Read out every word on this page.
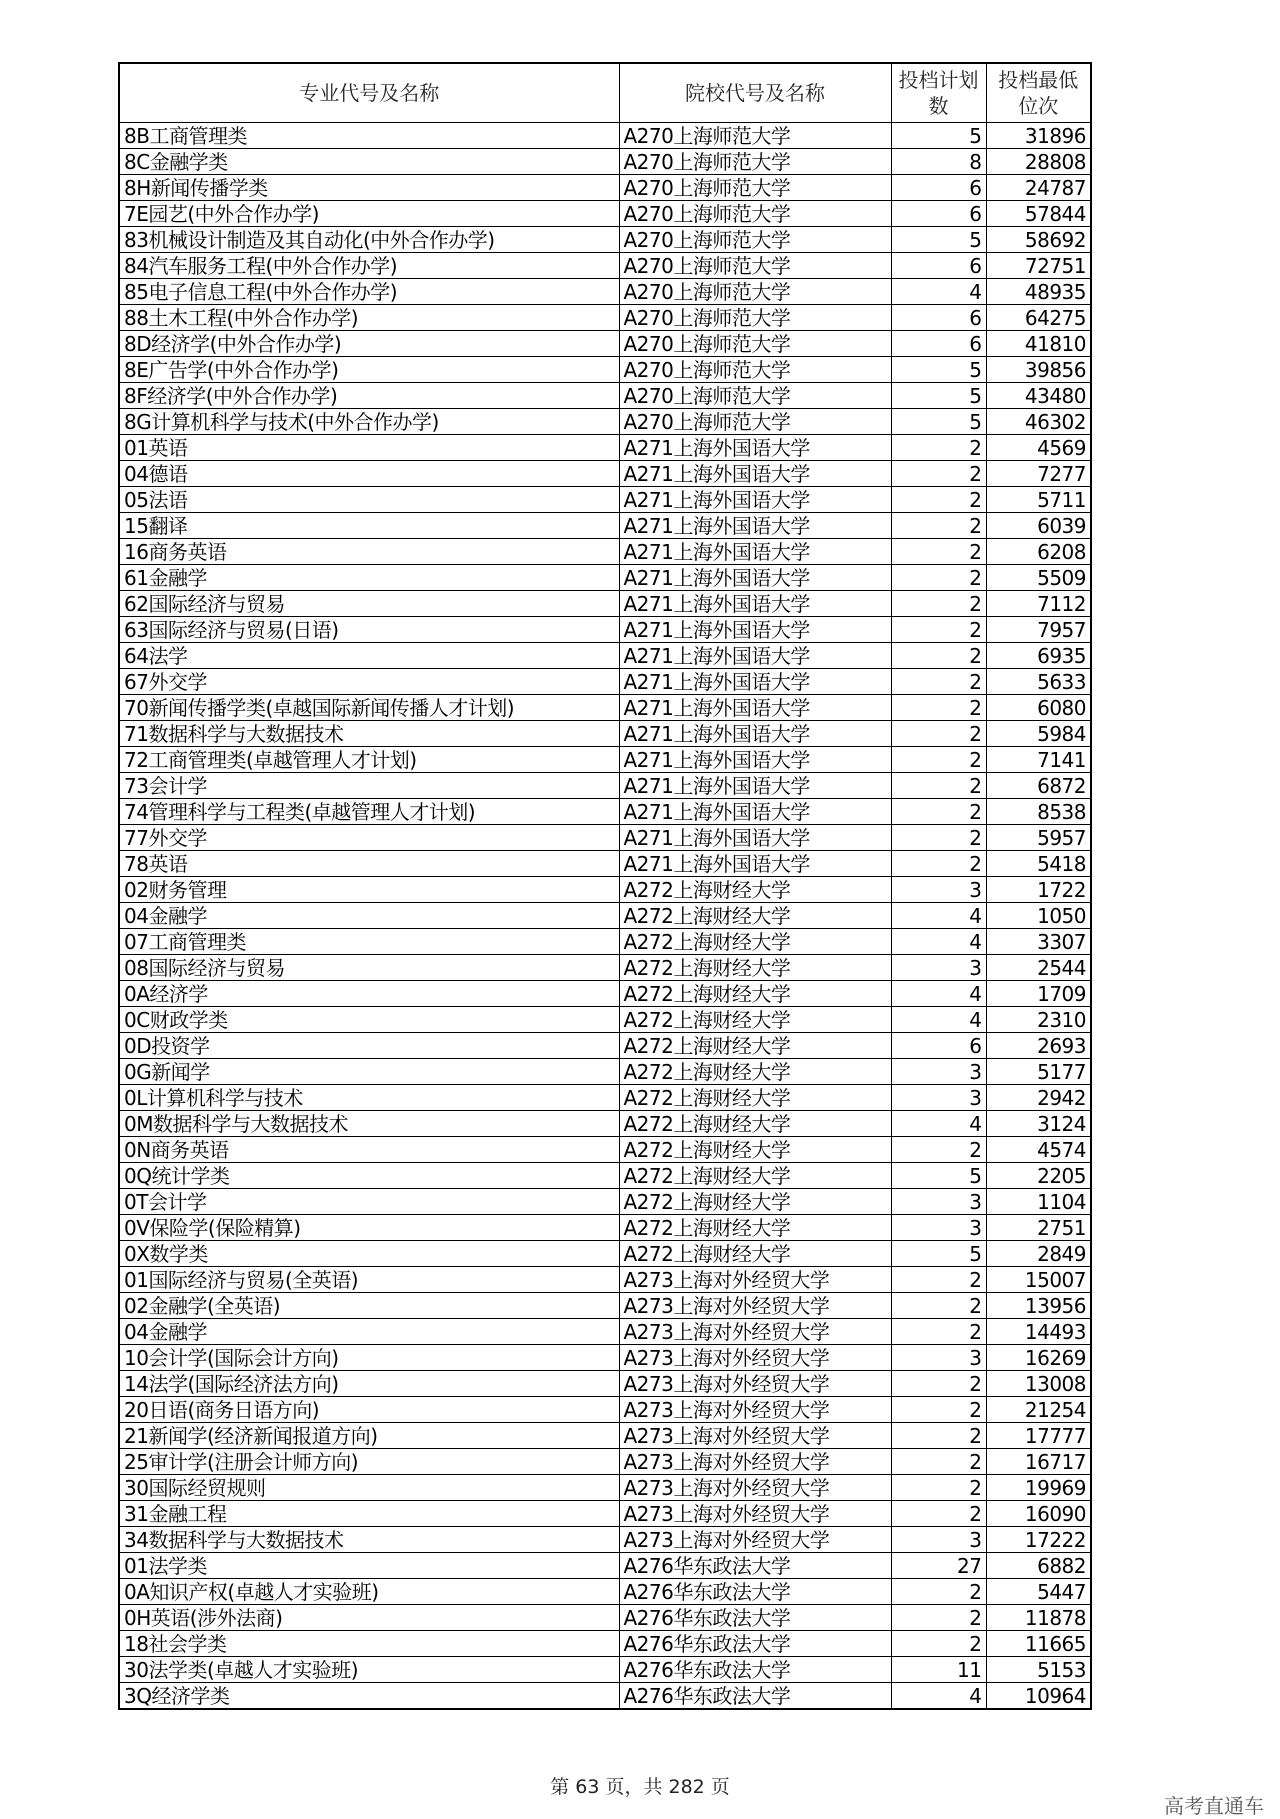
专业代号及名称	院校代号及名称	投档计划数	投档最低位次
8B工商管理类	A270上海师范大学	5	31896
8C金融学类	A270上海师范大学	8	28808
8H新闻传播学类	A270上海师范大学	6	24787
7E园艺(中外合作办学)	A270上海师范大学	6	57844
83机械设计制造及其自动化(中外合作办学)	A270上海师范大学	5	58692
84汽车服务工程(中外合作办学)	A270上海师范大学	6	72751
85电子信息工程(中外合作办学)	A270上海师范大学	4	48935
88土木工程(中外合作办学)	A270上海师范大学	6	64275
8D经济学(中外合作办学)	A270上海师范大学	6	41810
8E广告学(中外合作办学)	A270上海师范大学	5	39856
8F经济学(中外合作办学)	A270上海师范大学	5	43480
8G计算机科学与技术(中外合作办学)	A270上海师范大学	5	46302
01英语	A271上海外国语大学	2	4569
04德语	A271上海外国语大学	2	7277
05法语	A271上海外国语大学	2	5711
15翻译	A271上海外国语大学	2	6039
16商务英语	A271上海外国语大学	2	6208
61金融学	A271上海外国语大学	2	5509
62国际经济与贸易	A271上海外国语大学	2	7112
63国际经济与贸易(日语)	A271上海外国语大学	2	7957
64法学	A271上海外国语大学	2	6935
67外交学	A271上海外国语大学	2	5633
70新闻传播学类(卓越国际新闻传播人才计划)	A271上海外国语大学	2	6080
71数据科学与大数据技术	A271上海外国语大学	2	5984
72工商管理类(卓越管理人才计划)	A271上海外国语大学	2	7141
73会计学	A271上海外国语大学	2	6872
74管理科学与工程类(卓越管理人才计划)	A271上海外国语大学	2	8538
77外交学	A271上海外国语大学	2	5957
78英语	A271上海外国语大学	2	5418
02财务管理	A272上海财经大学	3	1722
04金融学	A272上海财经大学	4	1050
07工商管理类	A272上海财经大学	4	3307
08国际经济与贸易	A272上海财经大学	3	2544
0A经济学	A272上海财经大学	4	1709
0C财政学类	A272上海财经大学	4	2310
0D投资学	A272上海财经大学	6	2693
0G新闻学	A272上海财经大学	3	5177
0L计算机科学与技术	A272上海财经大学	3	2942
0M数据科学与大数据技术	A272上海财经大学	4	3124
0N商务英语	A272上海财经大学	2	4574
0Q统计学类	A272上海财经大学	5	2205
0T会计学	A272上海财经大学	3	1104
0V保险学(保险精算)	A272上海财经大学	3	2751
0X数学类	A272上海财经大学	5	2849
01国际经济与贸易(全英语)	A273上海对外经贸大学	2	15007
02金融学(全英语)	A273上海对外经贸大学	2	13956
04金融学	A273上海对外经贸大学	2	14493
10会计学(国际会计方向)	A273上海对外经贸大学	3	16269
14法学(国际经济法方向)	A273上海对外经贸大学	2	13008
20日语(商务日语方向)	A273上海对外经贸大学	2	21254
21新闻学(经济新闻报道方向)	A273上海对外经贸大学	2	17777
25审计学(注册会计师方向)	A273上海对外经贸大学	2	16717
30国际经贸规则	A273上海对外经贸大学	2	19969
31金融工程	A273上海对外经贸大学	2	16090
34数据科学与大数据技术	A273上海对外经贸大学	3	17222
01法学类	A276华东政法大学	27	6882
0A知识产权(卓越人才实验班)	A276华东政法大学	2	5447
0H英语(涉外法商)	A276华东政法大学	2	11878
18社会学类	A276华东政法大学	2	11665
30法学类(卓越人才实验班)	A276华东政法大学	11	5153
3Q经济学类	A276华东政法大学	4	10964
第 63 页，共 282 页
高考直通车
